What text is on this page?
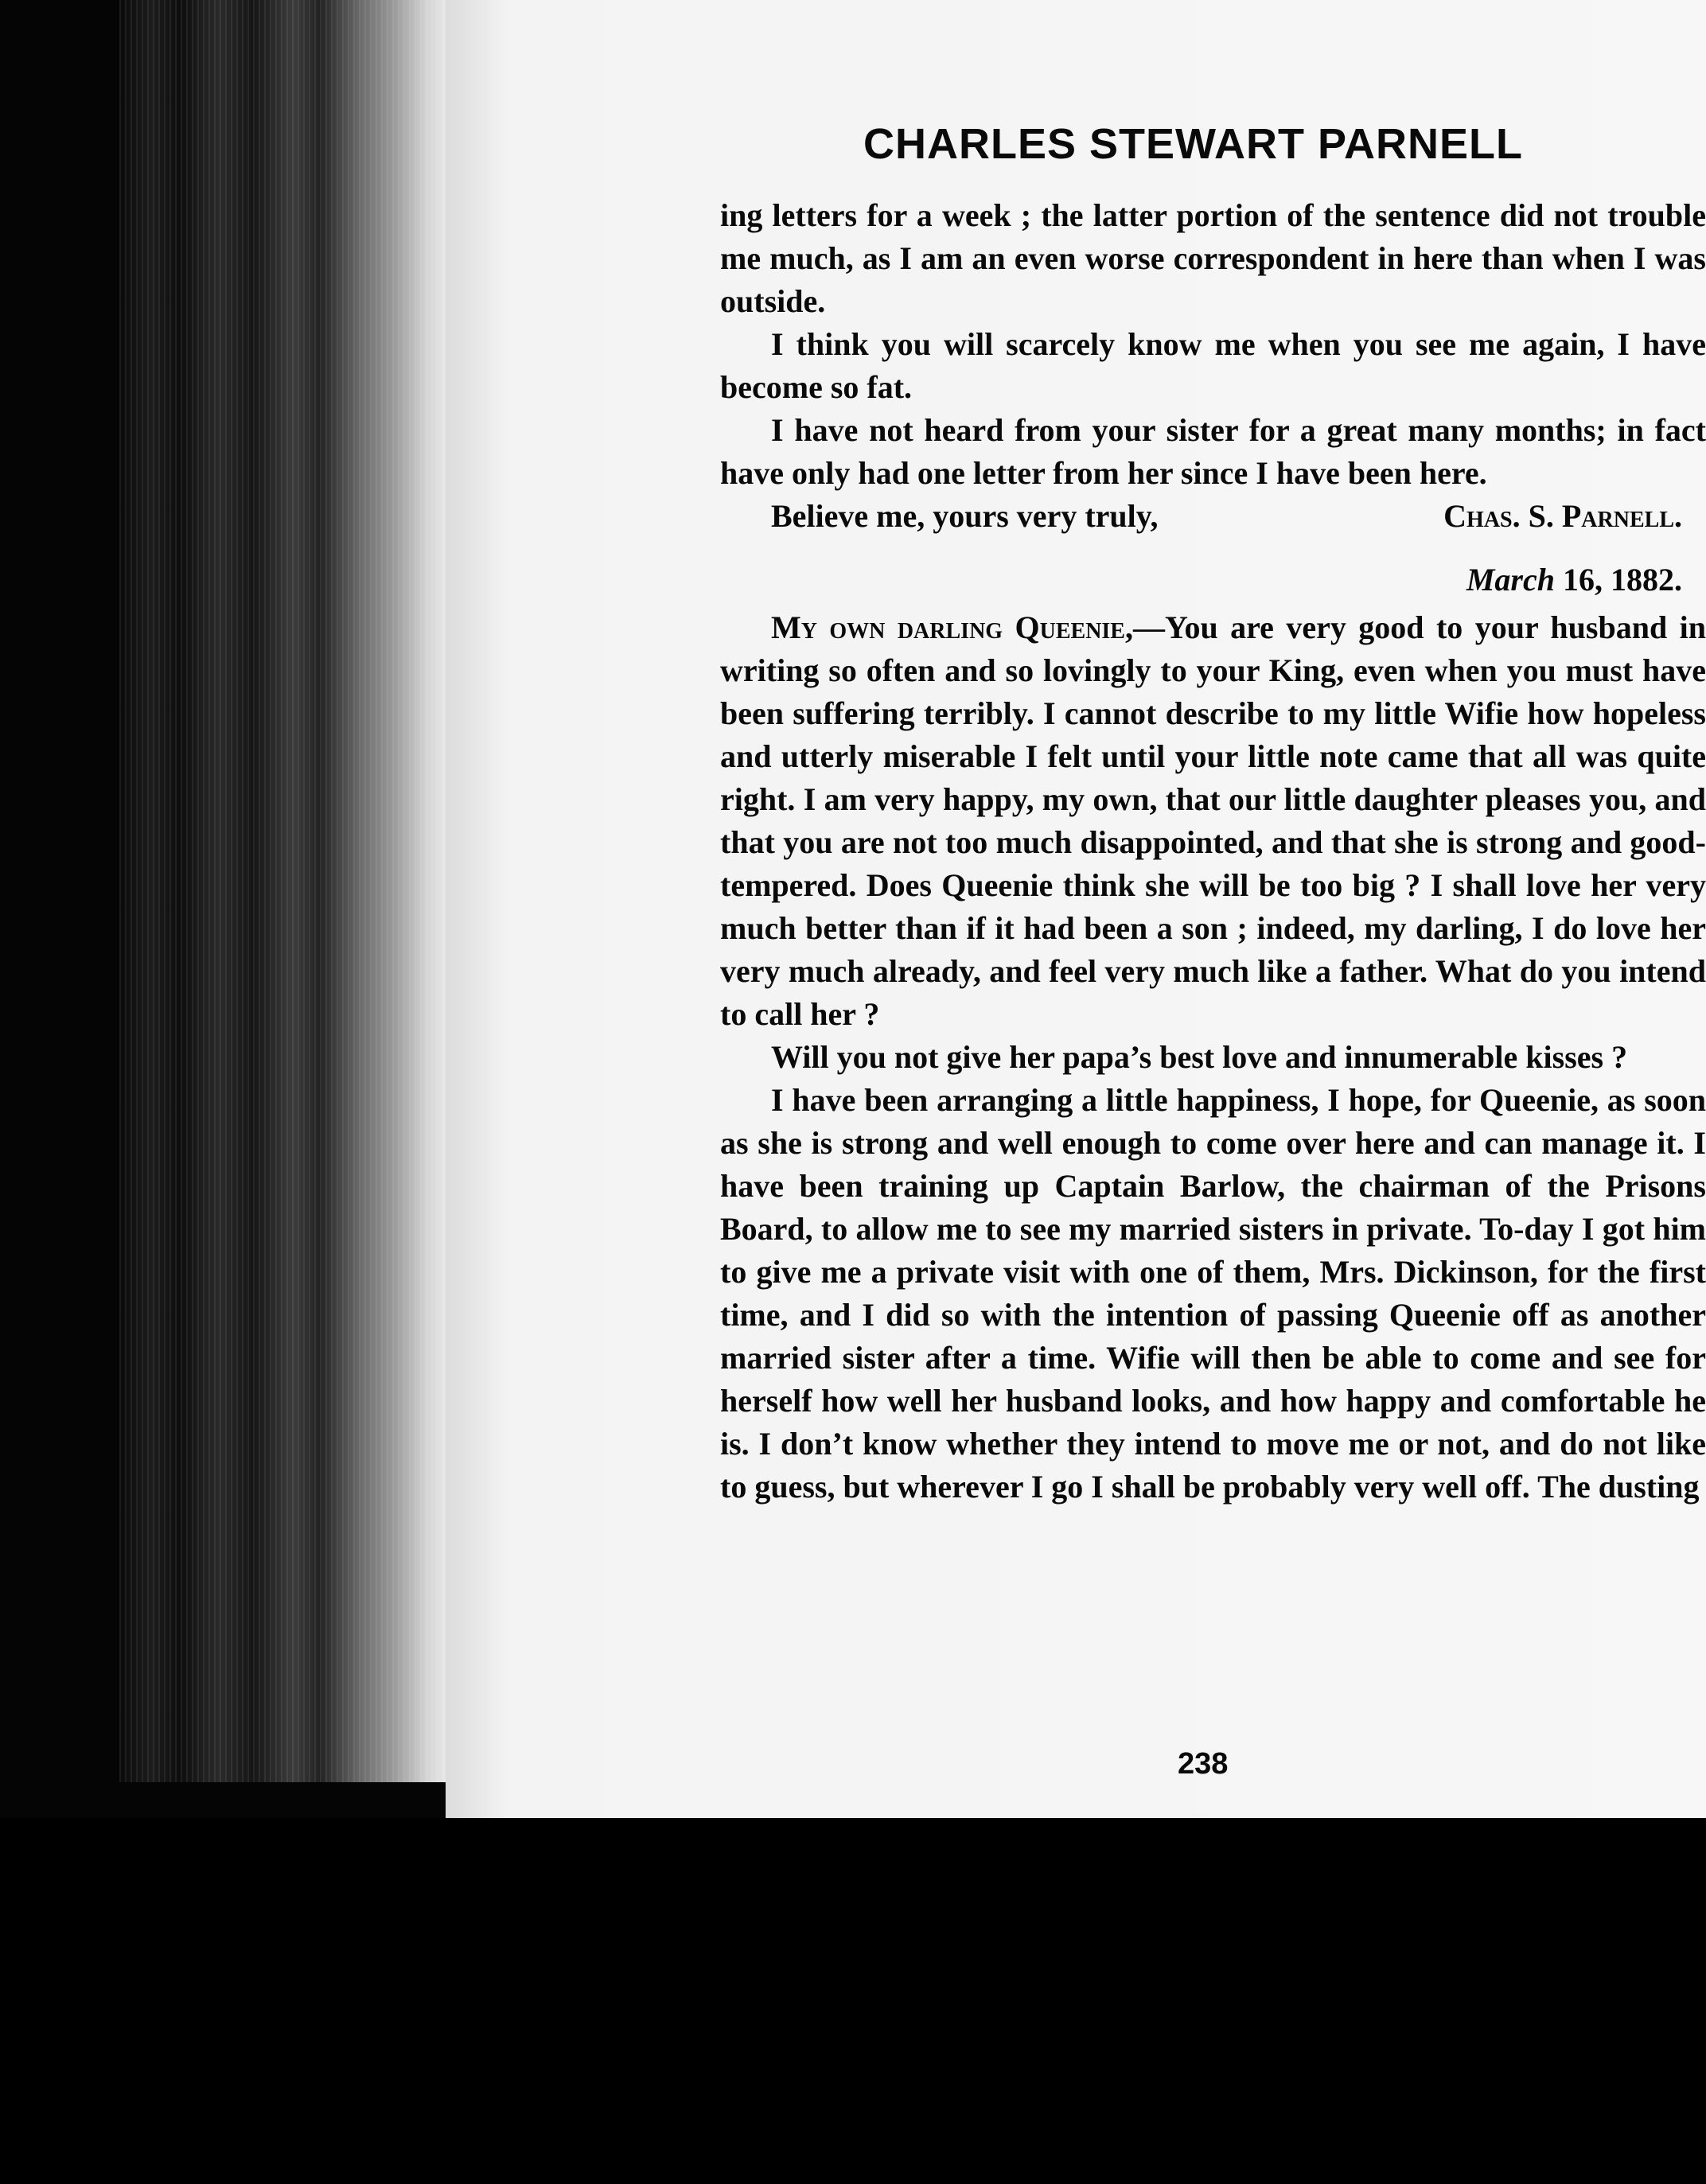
CHARLES STEWART PARNELL

ing letters for a week ; the latter portion of the sentence did not trouble me much, as I am an even worse correspondent in here than when I was outside.

I think you will scarcely know me when you see me again, I have become so fat.

I have not heard from your sister for a great many months; in fact have only had one letter from her since I have been here.

Believe me, yours very truly,	Chas. S. Parnell.
March 16, 1882.

My own darling Queenie,—You are very good to your husband in writing so often and so lovingly to your King, even when you must have been suffering terribly. I cannot describe to my little Wifie how hopeless and utterly miserable I felt until your little note came that all was quite right. I am very happy, my own, that our little daughter pleases you, and that you are not too much disappointed, and that she is strong and good-tempered. Does Queenie think she will be too big ? I shall love her very much better than if it had been a son ; indeed, my darling, I do love her very much already, and feel very much like a father. What do you intend to call her ?

Will you not give her papa’s best love and innumerable kisses ?

I have been arranging a little happiness, I hope, for Queenie, as soon as she is strong and well enough to come over here and can manage it. I have been training up Captain Barlow, the chairman of the Prisons Board, to allow me to see my married sisters in private. To-day I got him to give me a private visit with one of them, Mrs. Dickinson, for the first time, and I did so with the intention of passing Queenie off as another married sister after a time. Wifie will then be able to come and see for herself how well her husband looks, and how happy and comfortable he is. I don’t know whether they intend to move me or not, and do not like to guess, but wherever I go I shall be probably very well off. The dusting

238
